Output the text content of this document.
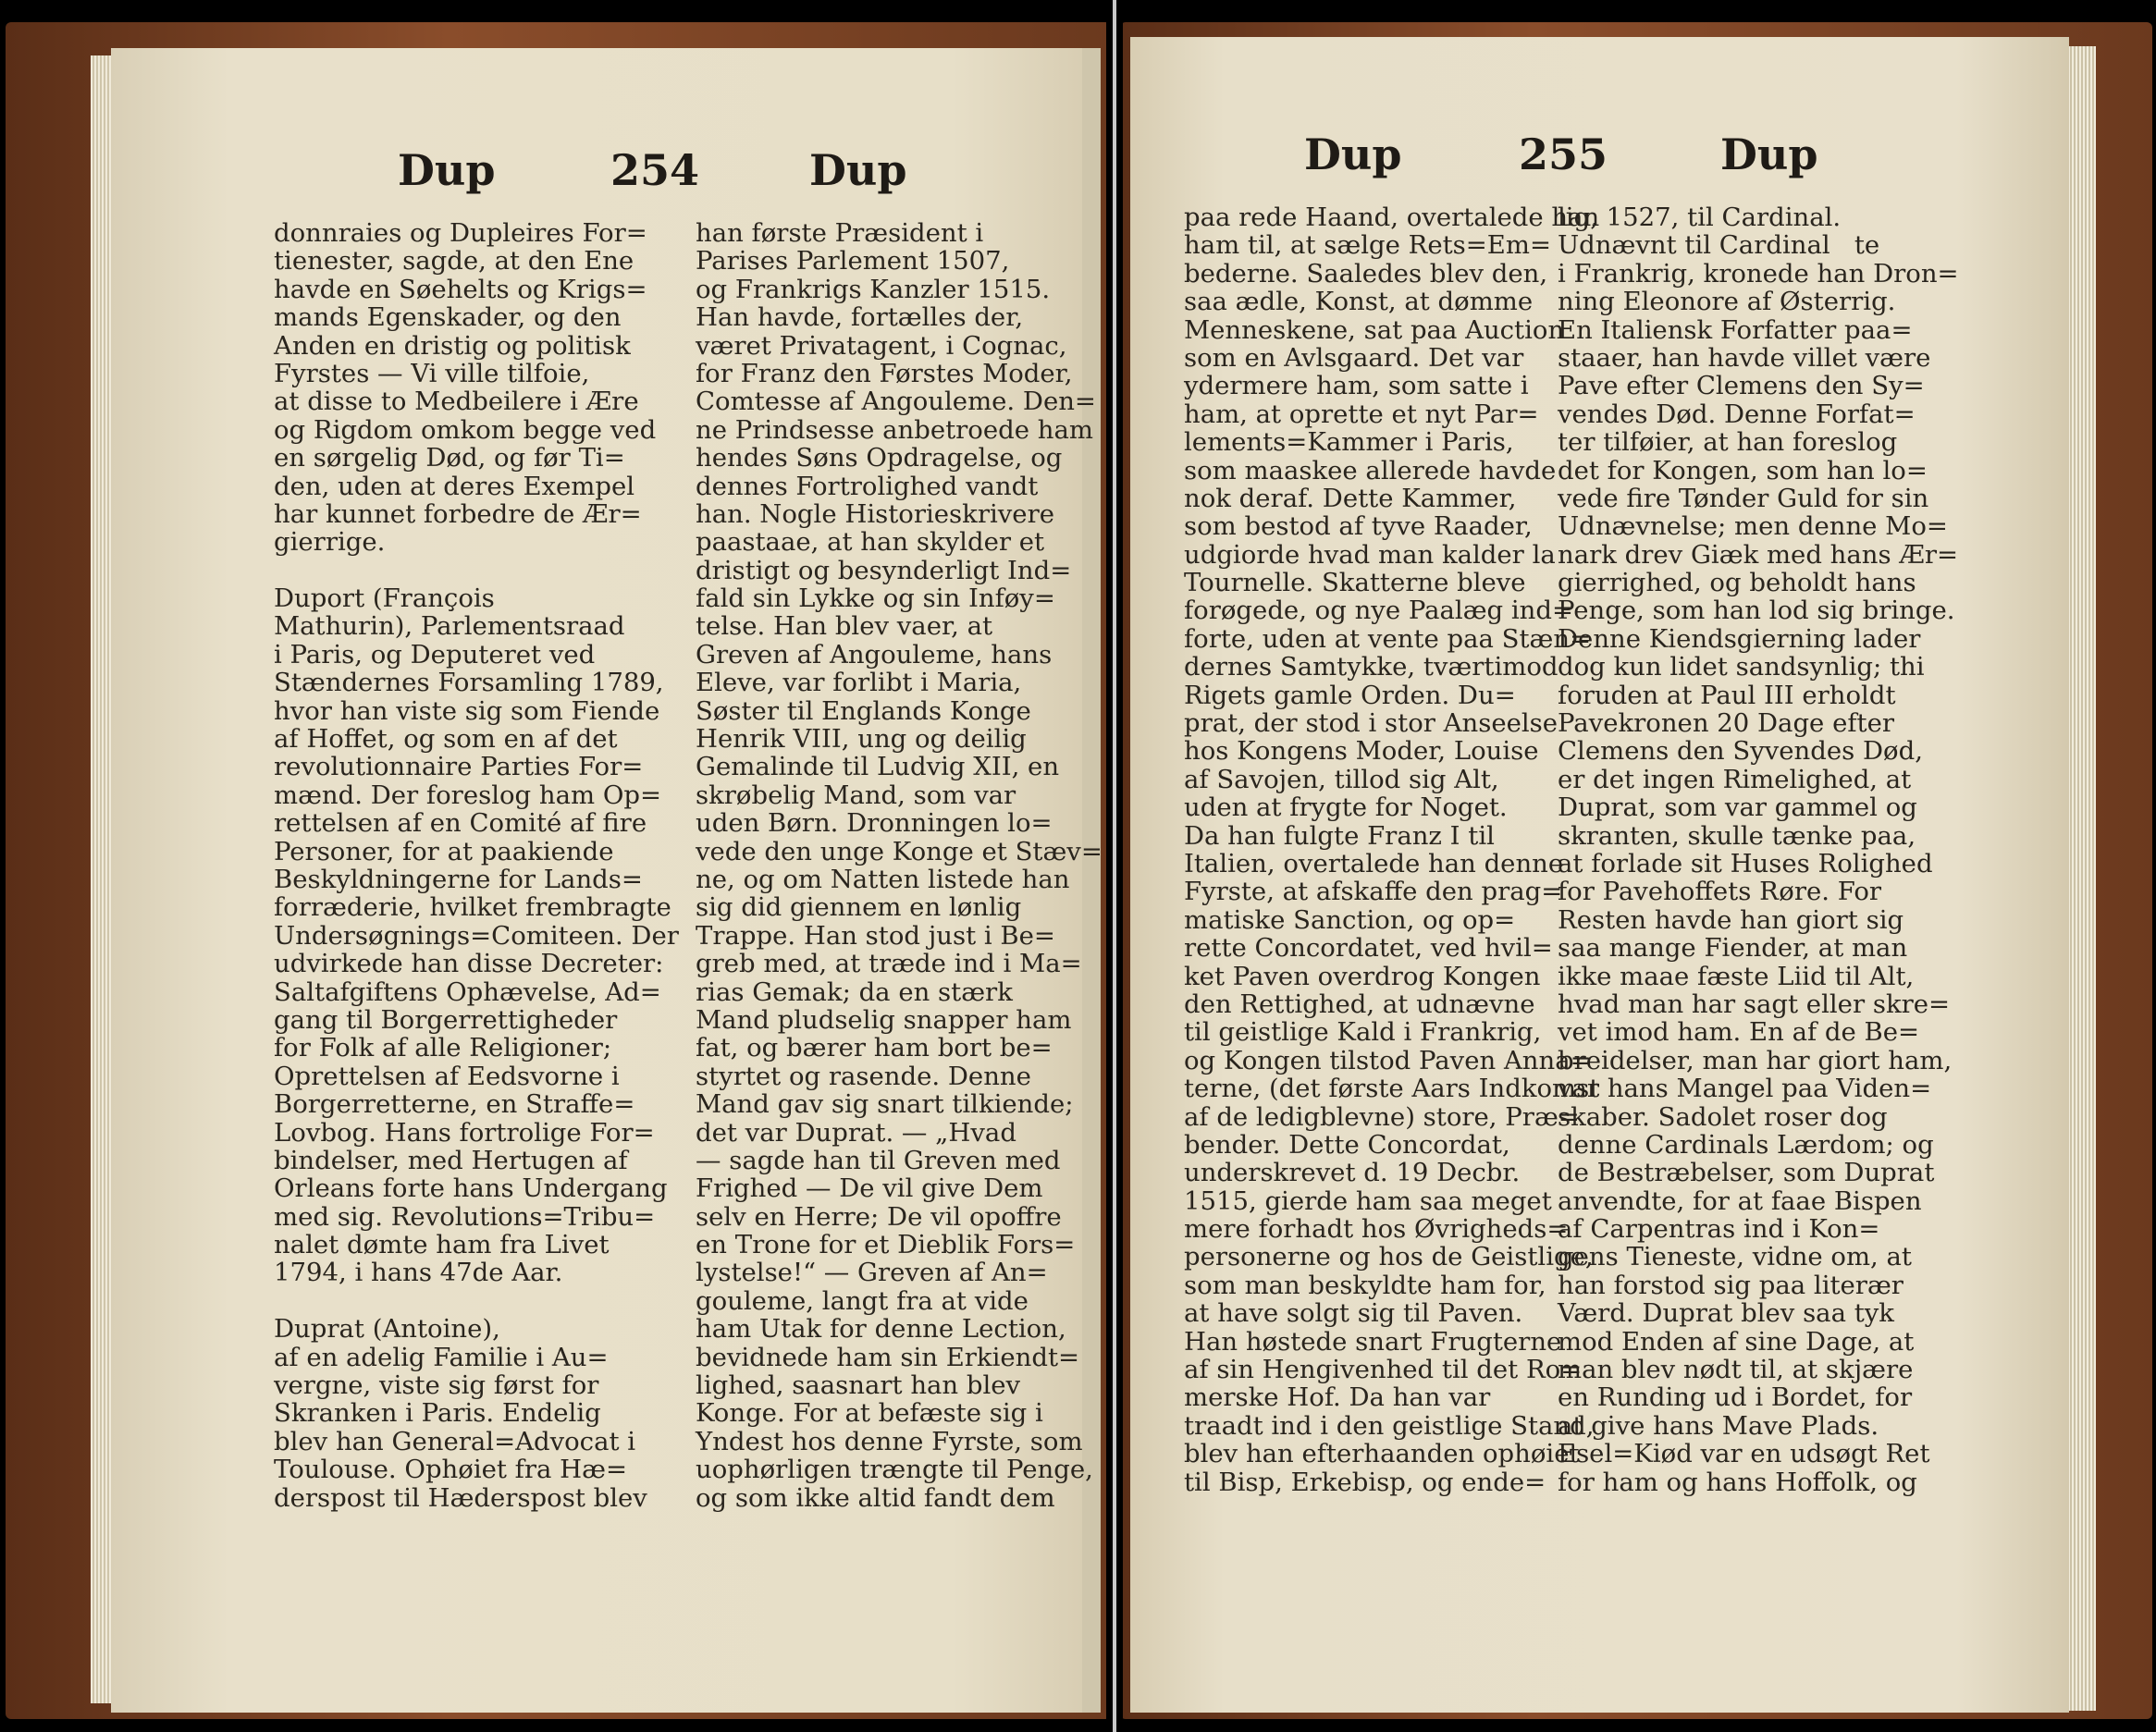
Dup	254	Dup
donnraies og Dupleires For=
tienester, sagde, at den Ene
havde en Søehelts og Krigs=
mands Egenskader, og den
Anden en dristig og politisk
Fyrstes — Vi ville tilfoie,
at disse to Medbeilere i Ære
og Rigdom omkom begge ved
en sørgelig Død, og før Ti=
den, uden at deres Exempel
har kunnet forbedre de Ær=
gierrige.
Duport (François
Mathurin), Parlementsraad
i Paris, og Deputeret ved
Stændernes Forsamling 1789,
hvor han viste sig som Fiende
af Hoffet, og som en af det
revolutionnaire Parties For=
mænd. Der foreslog ham Op=
rettelsen af en Comité af fire
Personer, for at paakiende
Beskyldningerne for Lands=
forræderie, hvilket frembragte
Undersøgnings=Comiteen. Der
udvirkede han disse Decreter:
Saltafgiftens Ophævelse, Ad=
gang til Borgerrettigheder
for Folk af alle Religioner;
Oprettelsen af Eedsvorne i
Borgerretterne, en Straffe=
Lovbog. Hans fortrolige For=
bindelser, med Hertugen af
Orleans forte hans Undergang
med sig. Revolutions=Tribu=
nalet dømte ham fra Livet
1794, i hans 47de Aar.
Duprat (Antoine),
af en adelig Familie i Au=
vergne, viste sig først for
Skranken i Paris. Endelig
blev han General=Advocat i
Toulouse. Ophøiet fra Hæ=
derspost til Hæderspost blev
han første Præsident i
Parises Parlement 1507,
og Frankrigs Kanzler 1515.
Han havde, fortælles der,
været Privatagent, i Cognac,
for Franz den Førstes Moder,
Comtesse af Angouleme. Den=
ne Prindsesse anbetroede ham
hendes Søns Opdragelse, og
dennes Fortrolighed vandt
han. Nogle Historieskrivere
paastaae, at han skylder et
dristigt og besynderligt Ind=
fald sin Lykke og sin Inføy=
telse. Han blev vaer, at
Greven af Angouleme, hans
Eleve, var forlibt i Maria,
Søster til Englands Konge
Henrik VIII, ung og deilig
Gemalinde til Ludvig XII, en
skrøbelig Mand, som var
uden Børn. Dronningen lo=
vede den unge Konge et Stæv=
ne, og om Natten listede han
sig did giennem en lønlig
Trappe. Han stod just i Be=
greb med, at træde ind i Ma=
rias Gemak; da en stærk
Mand pludselig snapper ham
fat, og bærer ham bort be=
styrtet og rasende. Denne
Mand gav sig snart tilkiende;
det var Duprat. — „Hvad
— sagde han til Greven med
Frighed — De vil give Dem
selv en Herre; De vil opoffre
en Trone for et Dieblik Fors=
lystelse!“ — Greven af An=
gouleme, langt fra at vide
ham Utak for denne Lection,
bevidnede ham sin Erkiendt=
lighed, saasnart han blev
Konge. For at befæste sig i
Yndest hos denne Fyrste, som
uophørligen trængte til Penge,
og som ikke altid fandt dem
Dup	255	Dup
paa rede Haand, overtalede han
ham til, at sælge Rets=Em=
bederne. Saaledes blev den,
saa ædle, Konst, at dømme
Menneskene, sat paa Auction
som en Avlsgaard. Det var
ydermere ham, som satte i
ham, at oprette et nyt Par=
lements=Kammer i Paris,
som maaskee allerede havde
nok deraf. Dette Kammer,
som bestod af tyve Raader,
udgiorde hvad man kalder la
Tournelle. Skatterne bleve
forøgede, og nye Paalæg ind=
forte, uden at vente paa Stæn=
dernes Samtykke, tværtimod
Rigets gamle Orden. Du=
prat, der stod i stor Anseelse
hos Kongens Moder, Louise
af Savojen, tillod sig Alt,
uden at frygte for Noget.
Da han fulgte Franz I til
Italien, overtalede han denne
Fyrste, at afskaffe den prag=
matiske Sanction, og op=
rette Concordatet, ved hvil=
ket Paven overdrog Kongen
den Rettighed, at udnævne
til geistlige Kald i Frankrig,
og Kongen tilstod Paven Anna=
terne, (det første Aars Indkomst
af de ledigblevne) store, Præ=
bender. Dette Concordat,
underskrevet d. 19 Decbr.
1515, gierde ham saa meget
mere forhadt hos Øvrigheds=
personerne og hos de Geistlige,
som man beskyldte ham for,
at have solgt sig til Paven.
Han høstede snart Frugterne
af sin Hengivenhed til det Ro=
merske Hof. Da han var
traadt ind i den geistlige Stand,
blev han efterhaanden ophøiet
til Bisp, Erkebisp, og ende=
lig, 1527, til Cardinal.
Udnævnt til Cardinal   te
i Frankrig, kronede han Dron=
ning Eleonore af Østerrig.
En Italiensk Forfatter paa=
staaer, han havde villet være
Pave efter Clemens den Sy=
vendes Død. Denne Forfat=
ter tilføier, at han foreslog
det for Kongen, som han lo=
vede fire Tønder Guld for sin
Udnævnelse; men denne Mo=
nark drev Giæk med hans Ær=
gierrighed, og beholdt hans
Penge, som han lod sig bringe.
Denne Kiendsgierning lader
dog kun lidet sandsynlig; thi
foruden at Paul III erholdt
Pavekronen 20 Dage efter
Clemens den Syvendes Død,
er det ingen Rimelighed, at
Duprat, som var gammel og
skranten, skulle tænke paa,
at forlade sit Huses Rolighed
for Pavehoffets Røre. For
Resten havde han giort sig
saa mange Fiender, at man
ikke maae fæste Liid til Alt,
hvad man har sagt eller skre=
vet imod ham. En af de Be=
breidelser, man har giort ham,
var hans Mangel paa Viden=
skaber. Sadolet roser dog
denne Cardinals Lærdom; og
de Bestræbelser, som Duprat
anvendte, for at faae Bispen
af Carpentras ind i Kon=
gens Tieneste, vidne om, at
han forstod sig paa literær
Værd. Duprat blev saa tyk
mod Enden af sine Dage, at
man blev nødt til, at skjære
en Runding ud i Bordet, for
at give hans Mave Plads.
Esel=Kiød var en udsøgt Ret
for ham og hans Hoffolk, og
